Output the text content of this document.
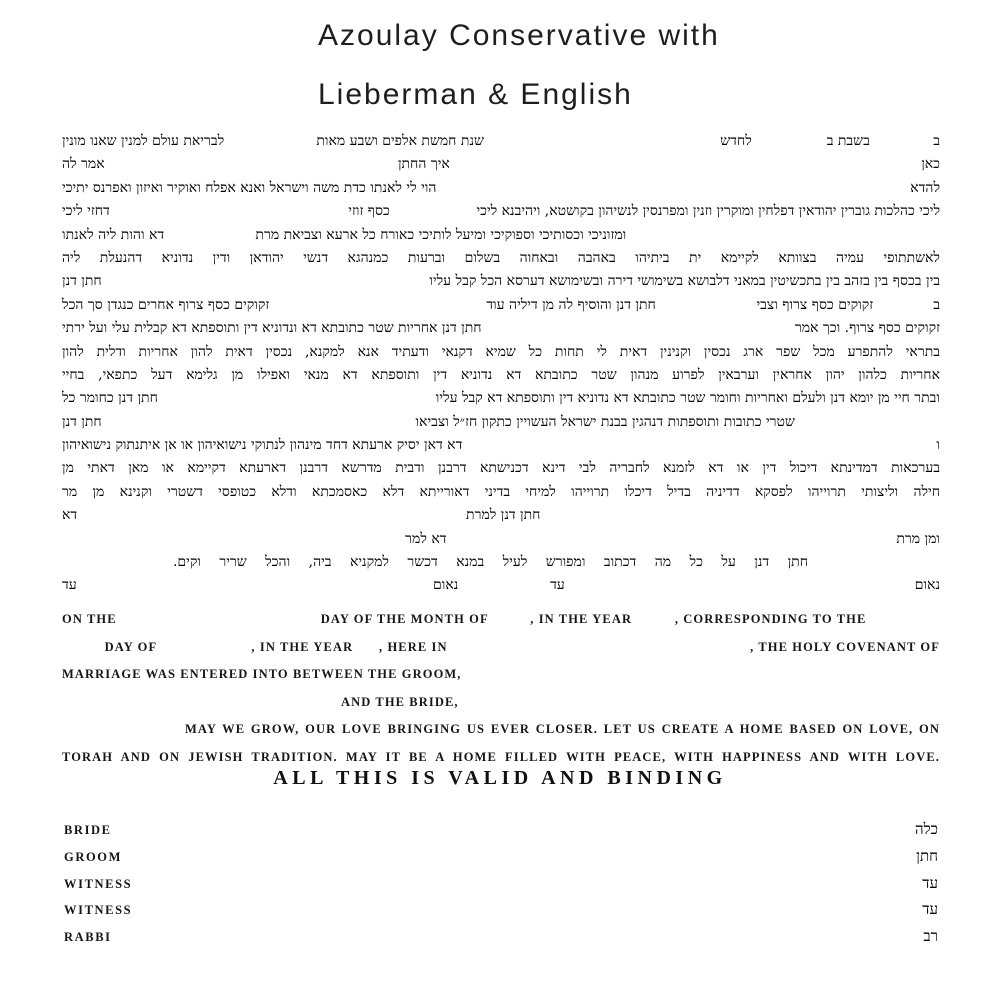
Azoulay Conservative with
Lieberman & English
ב
בשבת ב
לחדש
שנת חמשת אלפים ושבע מאות
לבריאת עולם למנין שאנו מונין
כאן
איך החתן
אמר לה
להדא
הוי לי לאנתו כדת משה וישראל ואנא אפלח ואוקיר ואיזון ואפרנס יתיכי
ליכי כהלכות גוברין יהודאין דפלחין ומוקרין וזנין ומפרנסין לנשיהון בקושטא, ויהיבנא ליכי
כסף זוזי
דחזי ליכי
ומזוניכי וכסותיכי וספוקיכי ומיעל לותיכי כאורח כל ארעא וצביאת מרת
דא והות ליה לאנתו
לאשתתופי עמיה בצוותא לקיימא ית ביתיהו באהבה ובאחוה בשלום וברעות כמנהגא דנשי יהודאן ודין נדוניא דהנעלת ליה
בין בכסף בין בזהב בין בתכשיטין במאני דלבושא בשימושי דירה ובשימושא דערסא הכל קבל עליו
חתן דנן
ב
זקוקים כסף צרוף וצבי
חתן דנן והוסיף לה מן דיליה עוד
זקוקים כסף צרוף אחרים כנגדן סך הכל
זקוקים כסף צרוף. וכך אמר
חתן דנן אחריות שטר כתובתא דא ונדוניא דין ותוספתא דא קבלית עלי ועל ירתי
בתראי להתפרע מכל שפר ארג נכסין וקנינין דאית לי תחות כל שמיא דקנאי ודעתיד אנא למקנא, נכסין דאית להון אחריות ודלית להון
אחריות כלהון יהון אחראין וערבאין לפרוע מנהון שטר כתובתא דא נדוניא דין ותוספתא דא מנאי ואפילו מן גלימא דעל כתפאי, בחיי
ובתר חיי מן יומא דנן ולעלם ואחריות וחומר שטר כתובתא דא נדוניא דין ותוספתא דא קבל עליו
חתן דנן כחומר כל
שטרי כתובות ותוספתות דנהגין בבנת ישראל העשויין כתקון חז״ל וצביאו
חתן דנן
ו
דא דאן יסיק ארעתא דחד מינהון לנתוקי נישואיהון או אן איתנתוק נישואיהון
בערכאות דמדינתא דיכול דין או דא לזמנא לחבריה לבי דינא דכנישתא דרבנן ודבית מדרשא דרבנן דארעתא דקיימא או מאן דאתי מן
חילה וליצותי תרוייהו לפסקא דדיניה בדיל דיכלו תרוייהו למיחי בדיני דאורייתא דלא כאסמכתא ודלא כטופסי דשטרי וקנינא מן מר
חתן דנן למרת
דא
ומן מרת
דא למר
חתן דנן על כל מה דכתוב ומפורש לעיל במנא דכשר למקניא ביה, והכל שריר וקים.
נאום
עד
נאום
עד
ON THE	DAY OF THE MONTH OF	, IN THE YEAR	, CORRESPONDING TO THE
DAY OF	, IN THE YEAR , HERE IN	, THE HOLY COVENANT OF
MARRIAGE WAS ENTERED INTO BETWEEN THE GROOM,
AND THE BRIDE,
MAY WE GROW, OUR LOVE BRINGING US EVER CLOSER. LET US CREATE A HOME BASED ON LOVE, ON
TORAH AND ON JEWISH TRADITION. MAY IT BE A HOME FILLED WITH PEACE, WITH HAPPINESS AND WITH LOVE.
ALL THIS IS VALID AND BINDING
BRIDE	כלה
GROOM	חתן
WITNESS	עד
WITNESS	עד
RABBI	רב
